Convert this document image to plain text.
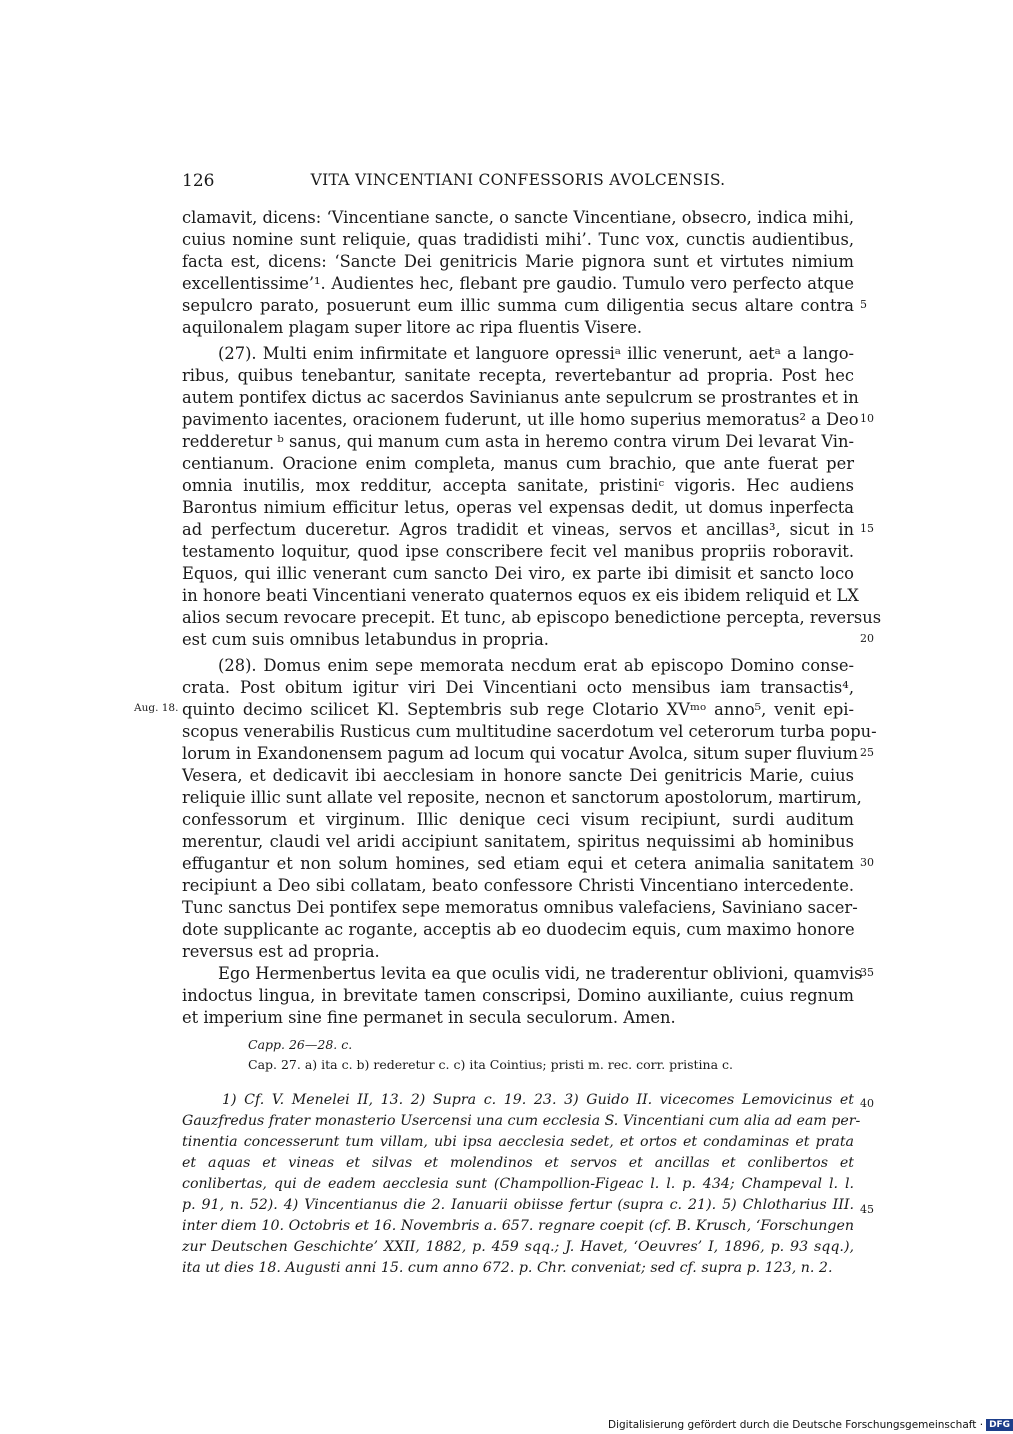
126	VITA VINCENTIANI CONFESSORIS AVOLCENSIS.
clamavit, dicens: ‘Vincentiane sancte, o sancte Vincentiane, obsecro, indica mihi,
cuius nomine sunt reliquie, quas tradidisti mihi’. Tunc vox, cunctis audientibus,
facta est, dicens: ‘Sancte Dei genitricis Marie pignora sunt et virtutes nimium
excellentissime’¹. Audientes hec, flebant pre gaudio. Tumulo vero perfecto atque
sepulcro parato, posuerunt eum illic summa cum diligentia secus altare contra
aquilonalem plagam super litore ac ripa fluentis Visere.
(27). Multi enim infirmitate et languore opressiᵃ illic venerunt, aetᵃ a lango-
ribus, quibus tenebantur, sanitate recepta, revertebantur ad propria. Post hec
autem pontifex dictus ac sacerdos Savinianus ante sepulcrum se prostrantes et in
pavimento iacentes, oracionem fuderunt, ut ille homo superius memoratus² a Deo
redderetur ᵇ sanus, qui manum cum asta in heremo contra virum Dei levarat Vin-
centianum. Oracione enim completa, manus cum brachio, que ante fuerat per
omnia inutilis, mox redditur, accepta sanitate, pristiniᶜ vigoris. Hec audiens
Barontus nimium efficitur letus, operas vel expensas dedit, ut domus inperfecta
ad perfectum duceretur. Agros tradidit et vineas, servos et ancillas³, sicut in
testamento loquitur, quod ipse conscribere fecit vel manibus propriis roboravit.
Equos, qui illic venerant cum sancto Dei viro, ex parte ibi dimisit et sancto loco
in honore beati Vincentiani venerato quaternos equos ex eis ibidem reliquid et LX
alios secum revocare precepit. Et tunc, ab episcopo benedictione percepta, reversus
est cum suis omnibus letabundus in propria.
(28). Domus enim sepe memorata necdum erat ab episcopo Domino conse-
crata. Post obitum igitur viri Dei Vincentiani octo mensibus iam transactis⁴,
quinto decimo scilicet Kl. Septembris sub rege Clotario XVᵐᵒ anno⁵, venit epi-
scopus venerabilis Rusticus cum multitudine sacerdotum vel ceterorum turba popu-
lorum in Exandonensem pagum ad locum qui vocatur Avolca, situm super fluvium
Vesera, et dedicavit ibi aecclesiam in honore sancte Dei genitricis Marie, cuius
reliquie illic sunt allate vel reposite, necnon et sanctorum apostolorum, martirum,
confessorum et virginum. Illic denique ceci visum recipiunt, surdi auditum
merentur, claudi vel aridi accipiunt sanitatem, spiritus nequissimi ab hominibus
effugantur et non solum homines, sed etiam equi et cetera animalia sanitatem
recipiunt a Deo sibi collatam, beato confessore Christi Vincentiano intercedente.
Tunc sanctus Dei pontifex sepe memoratus omnibus valefaciens, Saviniano sacer-
dote supplicante ac rogante, acceptis ab eo duodecim equis, cum maximo honore
reversus est ad propria.
Ego Hermenbertus levita ea que oculis vidi, ne traderentur oblivioni, quamvis
indoctus lingua, in brevitate tamen conscripsi, Domino auxiliante, cuius regnum
et imperium sine fine permanet in secula seculorum. Amen.
5
10
15
20
25
30
35
40
45
Aug. 18.
Capp. 26—28. c.
Cap. 27. a) ita c. b) rederetur c. c) ita Cointius; pristi m. rec. corr. pristina c.
1) Cf. V. Menelei II, 13. 2) Supra c. 19. 23. 3) Guido II. vicecomes Lemovicinus et
Gauzfredus frater monasterio Usercensi una cum ecclesia S. Vincentiani cum alia ad eam per-
tinentia concesserunt tum villam, ubi ipsa aecclesia sedet, et ortos et condaminas et prata
et aquas et vineas et silvas et molendinos et servos et ancillas et conlibertos et
conlibertas, qui de eadem aecclesia sunt (Champollion-Figeac l. l. p. 434; Champeval l. l.
p. 91, n. 52). 4) Vincentianus die 2. Ianuarii obiisse fertur (supra c. 21). 5) Chlotharius III.
inter diem 10. Octobris et 16. Novembris a. 657. regnare coepit (cf. B. Krusch, ‘Forschungen
zur Deutschen Geschichte’ XXII, 1882, p. 459 sqq.; J. Havet, ‘Oeuvres’ I, 1896, p. 93 sqq.),
ita ut dies 18. Augusti anni 15. cum anno 672. p. Chr. conveniat; sed cf. supra p. 123, n. 2.
Digitalisierung gefördert durch die Deutsche Forschungsgemeinschaft · DFG
